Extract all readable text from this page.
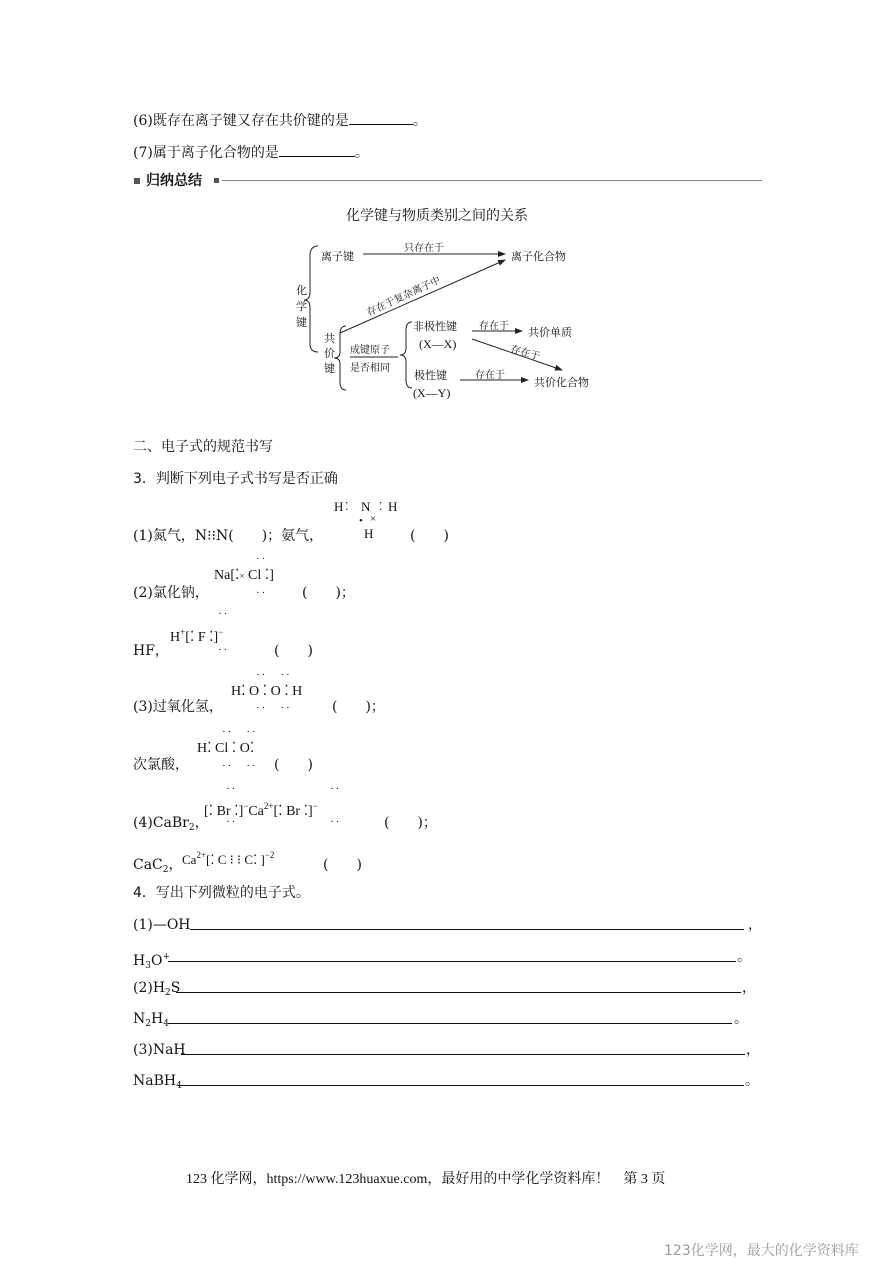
(6)既存在离子键又存在共价键的是	。
(7)属于离子化合物的是	。
归纳总结
化学键与物质类别之间的关系
化
学
键
共
价
键
离子键
只存在于
离子化合物
存在于复杂离子中
成键原子
是否相同
非极性键
(X—X)
极性键
(X—Y)
存在于
存在于
存在于
共价单质
共价化合物
二、电子式的规范书写
3．判断下列电子式书写是否正确
(1)氮气，N⁝⁝N(　　)；氨气，
H ⁚ N ⁚ H
• ×
H	(　　)
(2)氯化钠，
··
Na[⁚× Cl ⁚]
·· (　　)；
HF，
··
H+[⁚ F ⁚]−
··	(　　)
(3)过氧化氢，
··　··
H⁚ O ⁚ O ⁚ H
··　··	(　　)；
次氯酸，
··　··
H⁚ Cl ⁚ O⁚
··　·· (　　)
(4)CaBr$_2$，
··	··
[⁚ Br $⁚]^-Ca^{2+}[⁚$ Br ⁚]−
··	··	(　　)；
CaC$_2$， $Ca^{2+}[⁚$ C ⁝ ⁝ C⁚ ]$^{-2}$
(　　)
4．写出下列微粒的电子式。
(1)—OH	，
$H_3O^+$	。
$(2)H_2S$	，
$N_2H_4$	。
(3)NaH	，
NaBH$_4$	。
123 化学网，https://www.123huaxue.com，最好用的中学化学资料库！　第 3 页
123化学网，最大的化学资料库
